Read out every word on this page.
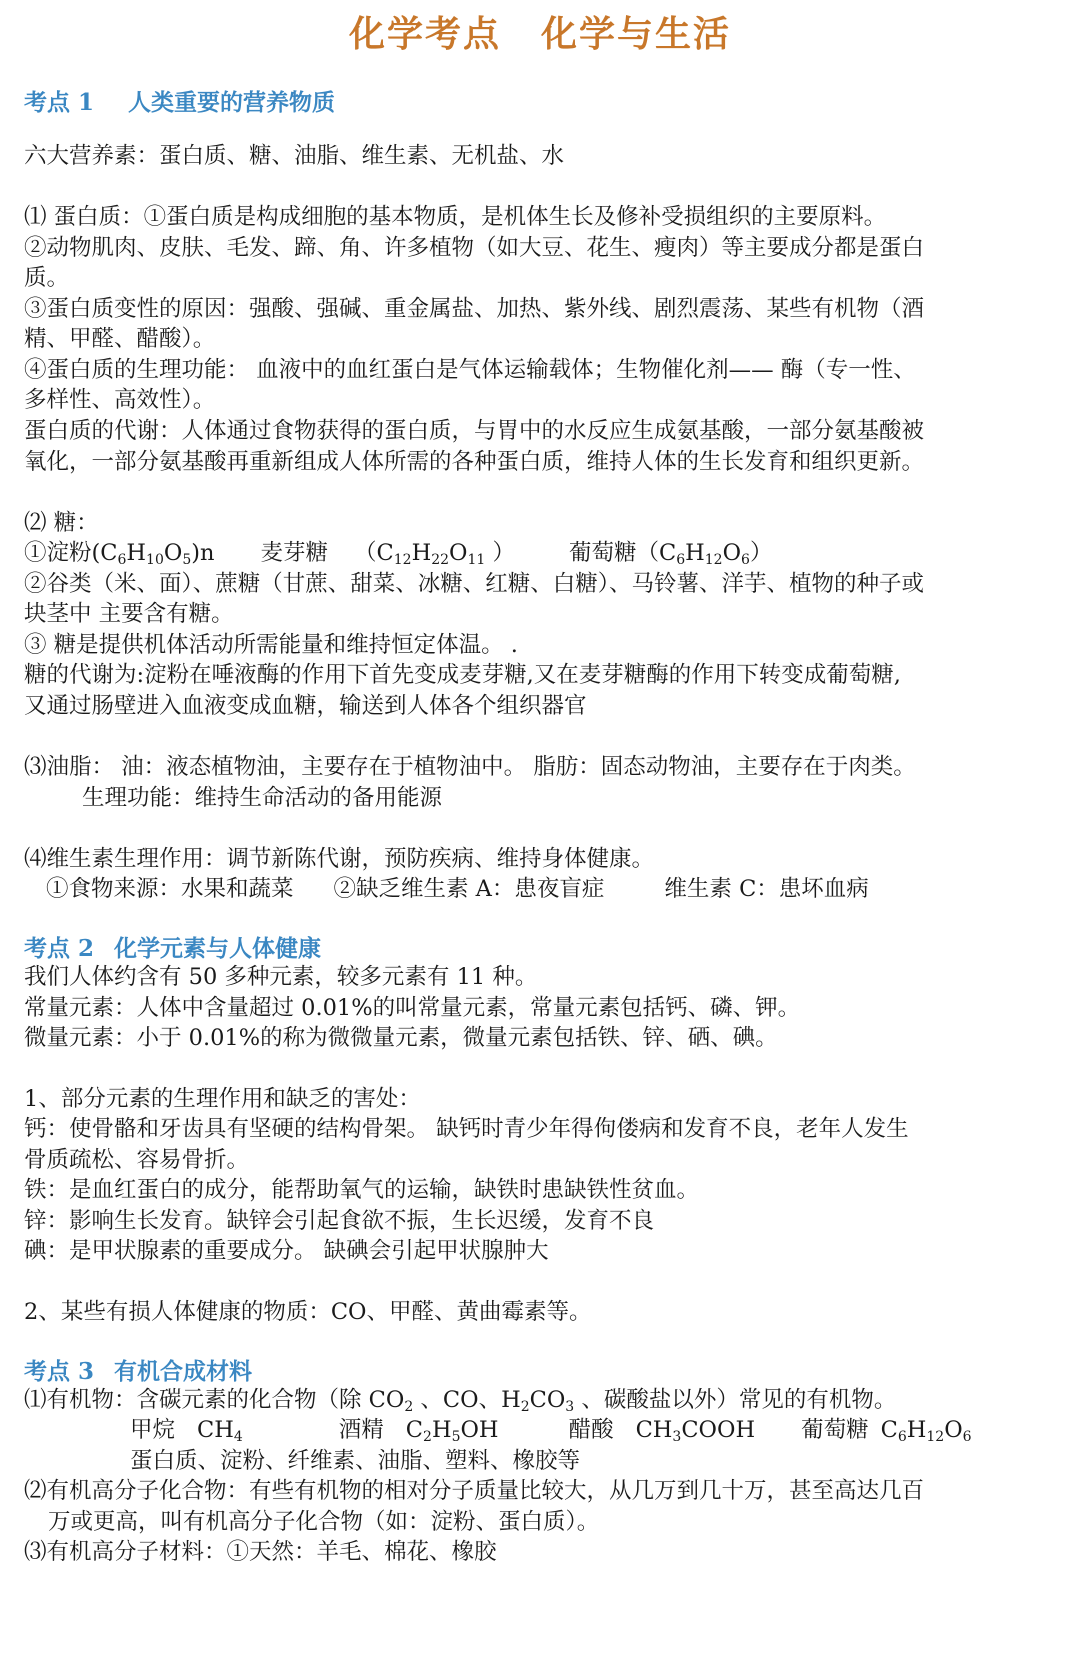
化学考点 化学与生活
考点 1 人类重要的营养物质
六大营养素：蛋白质、糖、油脂、维生素、无机盐、水
⑴ 蛋白质：①蛋白质是构成细胞的基本物质，是机体生长及修补受损组织的主要原料。
②动物肌肉、皮肤、毛发、蹄、角、许多植物（如大豆、花生、瘦肉）等主要成分都是蛋白
质。
③蛋白质变性的原因：强酸、强碱、重金属盐、加热、紫外线、剧烈震荡、某些有机物（酒
精、甲醛、醋酸）。
④蛋白质的生理功能： 血液中的血红蛋白是气体运输载体；生物催化剂—— 酶（专一性、
多样性、高效性）。
蛋白质的代谢：人体通过食物获得的蛋白质，与胃中的水反应生成氨基酸，一部分氨基酸被
氧化，一部分氨基酸再重新组成人体所需的各种蛋白质，维持人体的生长发育和组织更新。
⑵ 糖：
①淀粉$(C_6H_{10}O_5)n$ 麦芽糖 （$C_{12}H_{22}O_{11}$ ） 葡萄糖$(C_6H_{12}O_6)$
②谷类（米、面）、蔗糖（甘蔗、甜菜、冰糖、红糖、白糖）、马铃薯、洋芋、植物的种子或
块茎中 主要含有糖。
③ 糖是提供机体活动所需能量和维持恒定体温。 .
糖的代谢为:淀粉在唾液酶的作用下首先变成麦芽糖,又在麦芽糖酶的作用下转变成葡萄糖,
又通过肠壁进入血液变成血糖，输送到人体各个组织器官
⑶油脂： 油：液态植物油，主要存在于植物油中。 脂肪：固态动物油，主要存在于肉类。
生理功能：维持生命活动的备用能源
⑷维生素生理作用：调节新陈代谢，预防疾病、维持身体健康。
①食物来源：水果和蔬菜 ②缺乏维生素 A：患夜盲症	维生素 C：患坏血病
考点 2 化学元素与人体健康
我们人体约含有 50 多种元素，较多元素有 11 种。
常量元素：人体中含量超过 0.01%的叫常量元素，常量元素包括钙、磷、钾。
微量元素：小于 0.01%的称为微微量元素，微量元素包括铁、锌、硒、碘。
1、部分元素的生理作用和缺乏的害处：
钙：使骨骼和牙齿具有坚硬的结构骨架。 缺钙时青少年得佝偻病和发育不良，老年人发生
骨质疏松、容易骨折。
铁：是血红蛋白的成分，能帮助氧气的运输，缺铁时患缺铁性贫血。
锌：影响生长发育。缺锌会引起食欲不振，生长迟缓，发育不良
碘：是甲状腺素的重要成分。 缺碘会引起甲状腺肿大
2、某些有损人体健康的物质：CO、甲醛、黄曲霉素等。
考点 3 有机合成材料
⑴有机物：含碳元素的化合物（除 $CO_2$ 、CO、$H_2CO_3$ 、碳酸盐以外）常见的有机物。
甲烷 $CH_4$	酒精 $C_2H_5OH$	醋酸 $CH_3COOH$ 葡萄糖 $C_6H_{12}O_6$
蛋白质、淀粉、纤维素、油脂、塑料、橡胶等
⑵有机高分子化合物：有些有机物的相对分子质量比较大，从几万到几十万，甚至高达几百
万或更高，叫有机高分子化合物（如：淀粉、蛋白质）。
⑶有机高分子材料：①天然：羊毛、棉花、橡胶
